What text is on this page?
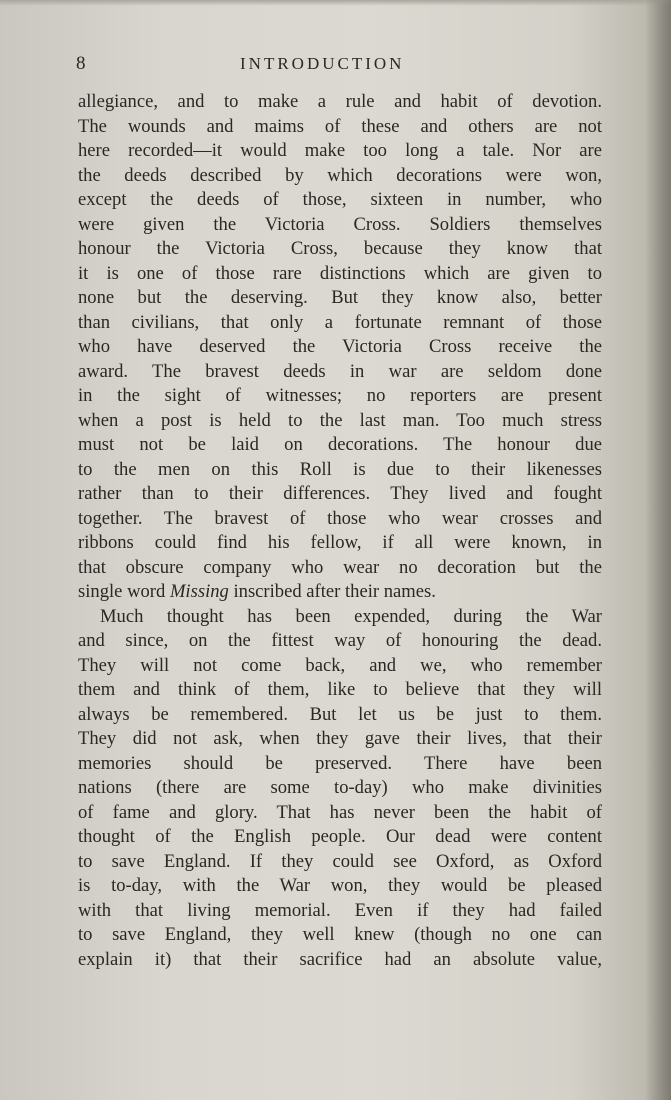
8	INTRODUCTION
allegiance, and to make a rule and habit of devotion.
The wounds and maims of these and others are not
here recorded—it would make too long a tale. Nor are
the deeds described by which decorations were won,
except the deeds of those, sixteen in number, who
were given the Victoria Cross. Soldiers themselves
honour the Victoria Cross, because they know that
it is one of those rare distinctions which are given to
none but the deserving. But they know also, better
than civilians, that only a fortunate remnant of those
who have deserved the Victoria Cross receive the
award. The bravest deeds in war are seldom done
in the sight of witnesses; no reporters are present
when a post is held to the last man. Too much stress
must not be laid on decorations. The honour due
to the men on this Roll is due to their likenesses
rather than to their differences. They lived and fought
together. The bravest of those who wear crosses and
ribbons could find his fellow, if all were known, in
that obscure company who wear no decoration but the
single word Missing inscribed after their names.
Much thought has been expended, during the War
and since, on the fittest way of honouring the dead.
They will not come back, and we, who remember
them and think of them, like to believe that they will
always be remembered. But let us be just to them.
They did not ask, when they gave their lives, that their
memories should be preserved. There have been
nations (there are some to-day) who make divinities
of fame and glory. That has never been the habit of
thought of the English people. Our dead were content
to save England. If they could see Oxford, as Oxford
is to-day, with the War won, they would be pleased
with that living memorial. Even if they had failed
to save England, they well knew (though no one can
explain it) that their sacrifice had an absolute value,
